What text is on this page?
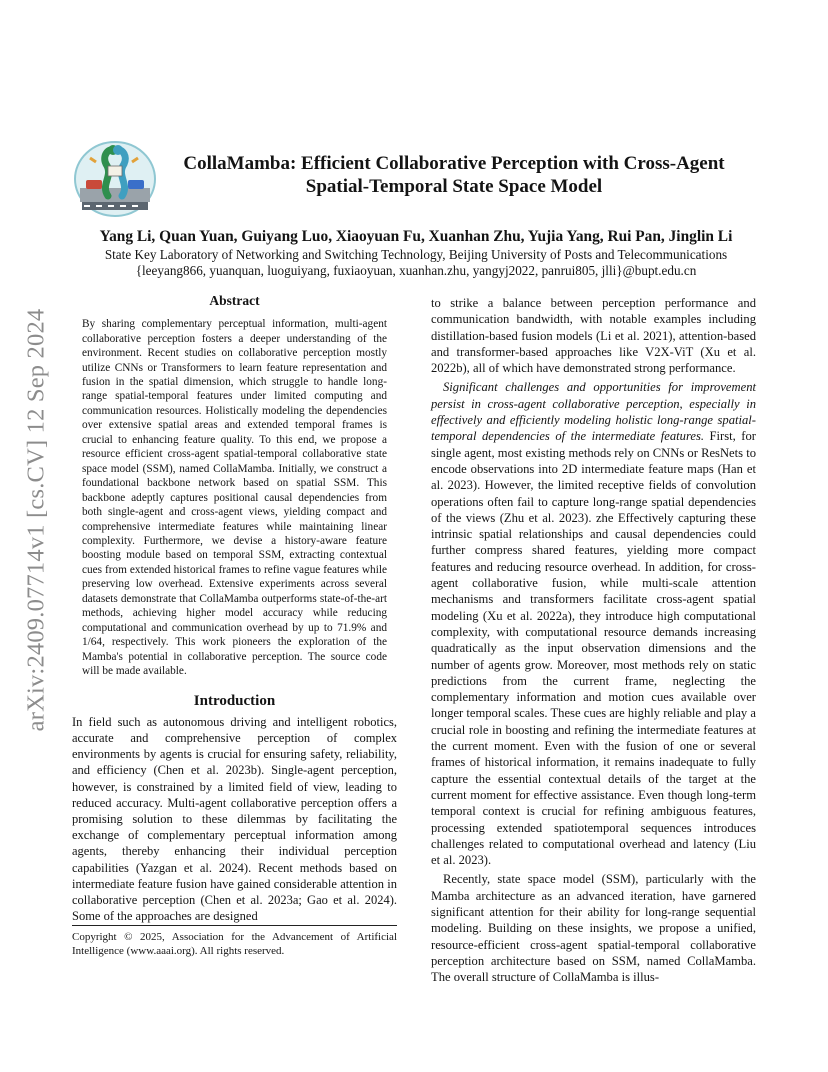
arXiv:2409.07714v1 [cs.CV] 12 Sep 2024
CollaMamba: Efficient Collaborative Perception with Cross-Agent
Spatial-Temporal State Space Model
Yang Li, Quan Yuan, Guiyang Luo, Xiaoyuan Fu, Xuanhan Zhu, Yujia Yang, Rui Pan, Jinglin Li
State Key Laboratory of Networking and Switching Technology, Beijing University of Posts and Telecommunications
{leeyang866, yuanquan, luoguiyang, fuxiaoyuan, xuanhan.zhu, yangyj2022, panrui805, jlli}@bupt.edu.cn
Abstract

By sharing complementary perceptual information, multi-agent collaborative perception fosters a deeper understanding of the environment. Recent studies on collaborative perception mostly utilize CNNs or Transformers to learn feature representation and fusion in the spatial dimension, which struggle to handle long-range spatial-temporal features under limited computing and communication resources. Holistically modeling the dependencies over extensive spatial areas and extended temporal frames is crucial to enhancing feature quality. To this end, we propose a resource efficient cross-agent spatial-temporal collaborative state space model (SSM), named CollaMamba. Initially, we construct a foundational backbone network based on spatial SSM. This backbone adeptly captures positional causal dependencies from both single-agent and cross-agent views, yielding compact and comprehensive intermediate features while maintaining linear complexity. Furthermore, we devise a history-aware feature boosting module based on temporal SSM, extracting contextual cues from extended historical frames to refine vague features while preserving low overhead. Extensive experiments across several datasets demonstrate that CollaMamba outperforms state-of-the-art methods, achieving higher model accuracy while reducing computational and communication overhead by up to 71.9% and 1/64, respectively. This work pioneers the exploration of the Mamba's potential in collaborative perception. The source code will be made available.

Introduction

In field such as autonomous driving and intelligent robotics, accurate and comprehensive perception of complex environments by agents is crucial for ensuring safety, reliability, and efficiency (Chen et al. 2023b). Single-agent perception, however, is constrained by a limited field of view, leading to reduced accuracy. Multi-agent collaborative perception offers a promising solution to these dilemmas by facilitating the exchange of complementary perceptual information among agents, thereby enhancing their individual perception capabilities (Yazgan et al. 2024). Recent methods based on intermediate feature fusion have gained considerable attention in collaborative perception (Chen et al. 2023a; Gao et al. 2024). Some of the approaches are designed

Copyright © 2025, Association for the Advancement of Artificial Intelligence (www.aaai.org). All rights reserved.

to strike a balance between perception performance and communication bandwidth, with notable examples including distillation-based fusion models (Li et al. 2021), attention-based and transformer-based approaches like V2X-ViT (Xu et al. 2022b), all of which have demonstrated strong performance.

Significant challenges and opportunities for improvement persist in cross-agent collaborative perception, especially in effectively and efficiently modeling holistic long-range spatial-temporal dependencies of the intermediate features. First, for single agent, most existing methods rely on CNNs or ResNets to encode observations into 2D intermediate feature maps (Han et al. 2023). However, the limited receptive fields of convolution operations often fail to capture long-range spatial dependencies of the views (Zhu et al. 2023). zhe Effectively capturing these intrinsic spatial relationships and causal dependencies could further compress shared features, yielding more compact features and reducing resource overhead. In addition, for cross-agent collaborative fusion, while multi-scale attention mechanisms and transformers facilitate cross-agent spatial modeling (Xu et al. 2022a), they introduce high computational complexity, with computational resource demands increasing quadratically as the input observation dimensions and the number of agents grow. Moreover, most methods rely on static predictions from the current frame, neglecting the complementary information and motion cues available over longer temporal scales. These cues are highly reliable and play a crucial role in boosting and refining the intermediate features at the current moment. Even with the fusion of one or several frames of historical information, it remains inadequate to fully capture the essential contextual details of the target at the current moment for effective assistance. Even though long-term temporal context is crucial for refining ambiguous features, processing extended spatiotemporal sequences introduces challenges related to computational overhead and latency (Liu et al. 2023).

Recently, state space model (SSM), particularly with the Mamba architecture as an advanced iteration, have garnered significant attention for their ability for long-range sequential modeling. Building on these insights, we propose a unified, resource-efficient cross-agent spatial-temporal collaborative perception architecture based on SSM, named CollaMamba. The overall structure of CollaMamba is illus-
